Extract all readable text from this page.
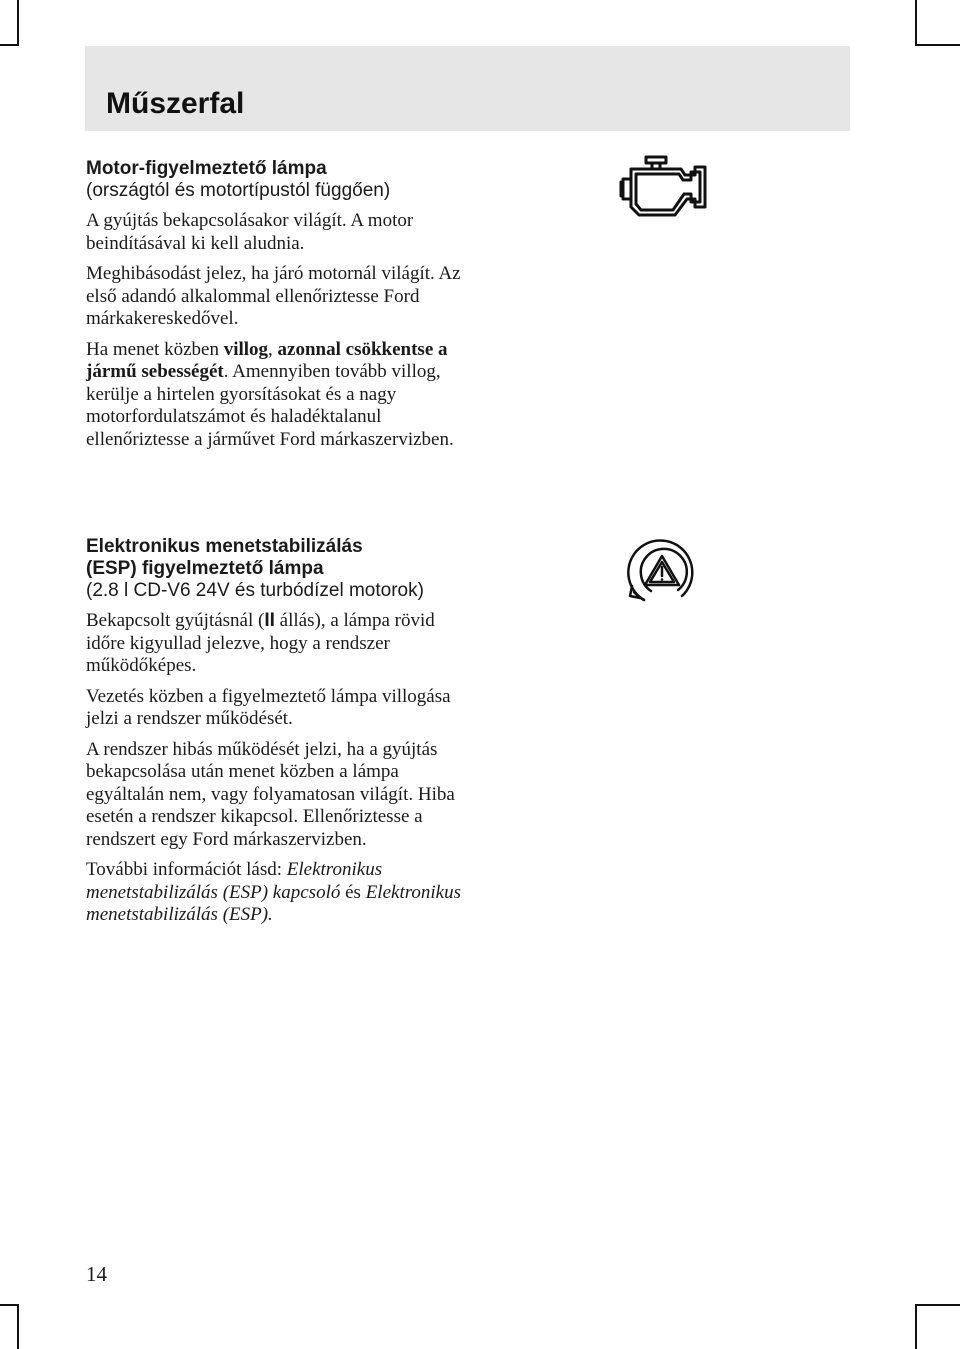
Műszerfal

Motor-figyelmeztető lámpa

(országtól és motortípustól függően)

A gyújtás bekapcsolásakor világít. A motor beindításával ki kell aludnia.

Meghibásodást jelez, ha járó motornál világít. Az első adandó alkalommal ellenőriztesse Ford márkakereskedővel.

Ha menet közben villog, azonnal csökkentse a jármű sebességét. Amennyiben tovább villog, kerülje a hirtelen gyorsításokat és a nagy motorfordulatszámot és haladéktalanul ellenőriztesse a járművet Ford márkaszervizben.

Elektronikus menetstabilizálás

(ESP) figyelmeztető lámpa

(2.8 l CD-V6 24V és turbódízel motorok)

Bekapcsolt gyújtásnál (II állás), a lámpa rövid időre kigyullad jelezve, hogy a rendszer működőképes.

Vezetés közben a figyelmeztető lámpa villogása jelzi a rendszer működését.

A rendszer hibás működését jelzi, ha a gyújtás bekapcsolása után menet közben a lámpa egyáltalán nem, vagy folyamatosan világít. Hiba esetén a rendszer kikapcsol. Ellenőriztesse a rendszert egy Ford márkaszervizben.

További információt lásd: Elektronikus menetstabilizálás (ESP) kapcsoló és Elektronikus menetstabilizálás (ESP).

14
